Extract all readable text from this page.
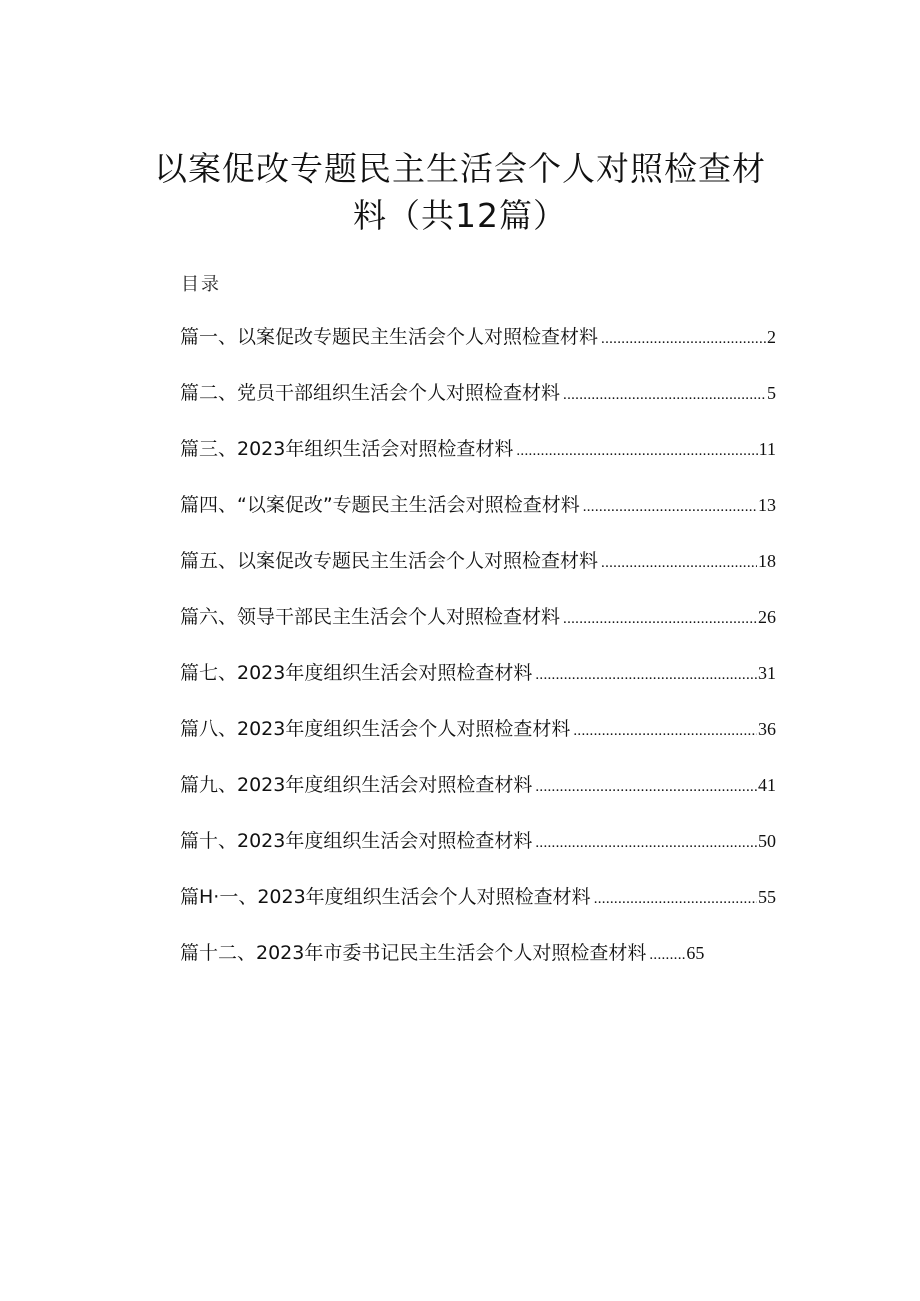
以案促改专题民主生活会个人对照检查材
料（共12篇）
目录
篇一、以案促改专题民主生活会个人对照检查材料 .....	2
篇二、党员干部组织生活会个人对照检查材料 .....	5
篇三、2023年组织生活会对照检查材料 .....	11
篇四、“以案促改”专题民主生活会对照检查材料 .....	13
篇五、以案促改专题民主生活会个人对照检查材料 .....	18
篇六、领导干部民主生活会个人对照检查材料 .....	26
篇七、2023年度组织生活会对照检查材料 .....	31
篇八、2023年度组织生活会个人对照检查材料 .....	36
篇九、2023年度组织生活会对照检查材料 .....	41
篇十、2023年度组织生活会对照检查材料 .....	50
篇H·一、2023年度组织生活会个人对照检查材料 .....	55
篇十二、2023年市委书记民主生活会个人对照检查材料 ..... 65
